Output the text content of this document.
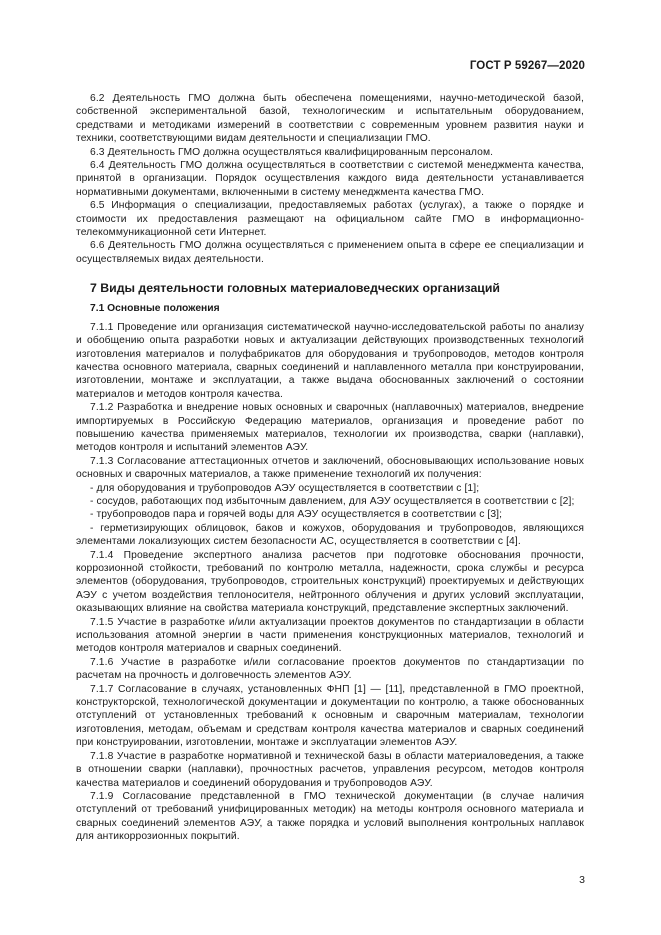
ГОСТ Р 59267—2020

6.2 Деятельность ГМО должна быть обеспечена помещениями, научно-методической базой, собственной экспериментальной базой, технологическим и испытательным оборудованием, средствами и методиками измерений в соответствии с современным уровнем развития науки и техники, соответствующими видам деятельности и специализации ГМО.

6.3 Деятельность ГМО должна осуществляться квалифицированным персоналом.

6.4 Деятельность ГМО должна осуществляться в соответствии с системой менеджмента качества, принятой в организации. Порядок осуществления каждого вида деятельности устанавливается нормативными документами, включенными в систему менеджмента качества ГМО.

6.5 Информация о специализации, предоставляемых работах (услугах), а также о порядке и стоимости их предоставления размещают на официальном сайте ГМО в информационно-телекоммуникационной сети Интернет.

6.6 Деятельность ГМО должна осуществляться с применением опыта в сфере ее специализации и осуществляемых видах деятельности.

7 Виды деятельности головных материаловедческих организаций
7.1 Основные положения

7.1.1 Проведение или организация систематической научно-исследовательской работы по анализу и обобщению опыта разработки новых и актуализации действующих производственных технологий изготовления материалов и полуфабрикатов для оборудования и трубопроводов, методов контроля качества основного материала, сварных соединений и наплавленного металла при конструировании, изготовлении, монтаже и эксплуатации, а также выдача обоснованных заключений о состоянии материалов и методов контроля качества.

7.1.2 Разработка и внедрение новых основных и сварочных (наплавочных) материалов, внедрение импортируемых в Российскую Федерацию материалов, организация и проведение работ по повышению качества применяемых материалов, технологии их производства, сварки (наплавки), методов контроля и испытаний элементов АЭУ.

7.1.3 Согласование аттестационных отчетов и заключений, обосновывающих использование новых основных и сварочных материалов, а также применение технологий их получения:

- для оборудования и трубопроводов АЭУ осуществляется в соответствии с [1];

- сосудов, работающих под избыточным давлением, для АЭУ осуществляется в соответствии с [2];

- трубопроводов пара и горячей воды для АЭУ осуществляется в соответствии с [3];

- герметизирующих облицовок, баков и кожухов, оборудования и трубопроводов, являющихся элементами локализующих систем безопасности АС, осуществляется в соответствии с [4].

7.1.4 Проведение экспертного анализа расчетов при подготовке обоснования прочности, коррозионной стойкости, требований по контролю металла, надежности, срока службы и ресурса элементов (оборудования, трубопроводов, строительных конструкций) проектируемых и действующих АЭУ с учетом воздействия теплоносителя, нейтронного облучения и других условий эксплуатации, оказывающих влияние на свойства материала конструкций, представление экспертных заключений.

7.1.5 Участие в разработке и/или актуализации проектов документов по стандартизации в области использования атомной энергии в части применения конструкционных материалов, технологий и методов контроля материалов и сварных соединений.

7.1.6 Участие в разработке и/или согласование проектов документов по стандартизации по расчетам на прочность и долговечность элементов АЭУ.

7.1.7 Согласование в случаях, установленных ФНП [1] — [11], представленной в ГМО проектной, конструкторской, технологической документации и документации по контролю, а также обоснованных отступлений от установленных требований к основным и сварочным материалам, технологии изготовления, методам, объемам и средствам контроля качества материалов и сварных соединений при конструировании, изготовлении, монтаже и эксплуатации элементов АЭУ.

7.1.8 Участие в разработке нормативной и технической базы в области материаловедения, а также в отношении сварки (наплавки), прочностных расчетов, управления ресурсом, методов контроля качества материалов и соединений оборудования и трубопроводов АЭУ.

7.1.9 Согласование представленной в ГМО технической документации (в случае наличия отступлений от требований унифицированных методик) на методы контроля основного материала и сварных соединений элементов АЭУ, а также порядка и условий выполнения контрольных наплавок для антикоррозионных покрытий.

3
